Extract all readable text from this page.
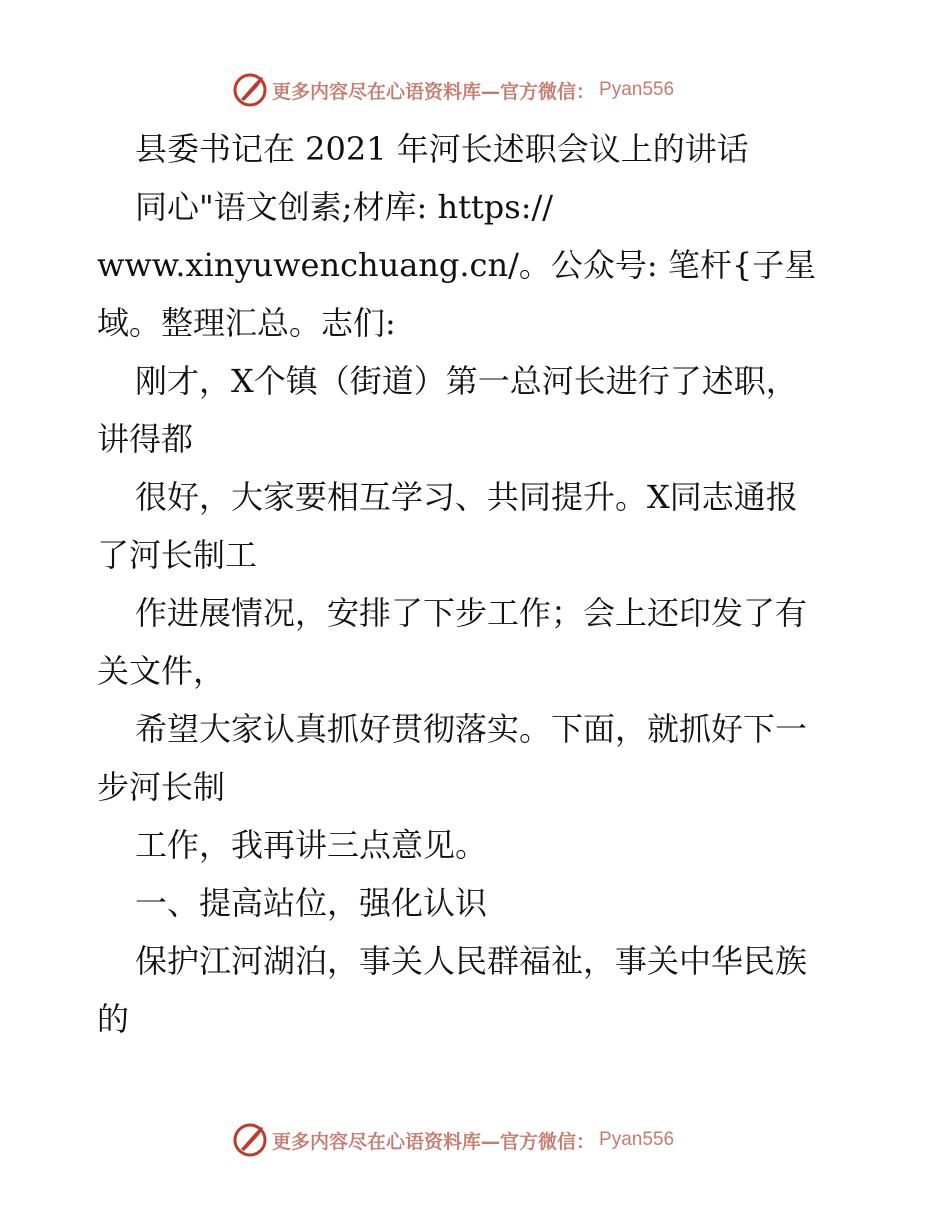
更多内容尽在心语资料库—官方微信： Pyan556
县委书记在 2021 年河长述职会议上的讲话
同心"语文创素;材库: https://
www.xinyuwenchuang.cn/。公众号: 笔杆{子星
域。整理汇总。志们:
刚才，X个镇（街道）第一总河长进行了述职，
讲得都
很好，大家要相互学习、共同提升。X同志通报
了河长制工
作进展情况，安排了下步工作；会上还印发了有
关文件，
希望大家认真抓好贯彻落实。下面，就抓好下一
步河长制
工作，我再讲三点意见。
一、提高站位，强化认识
保护江河湖泊，事关人民群福祉，事关中华民族
的
更多内容尽在心语资料库—官方微信： Pyan556
